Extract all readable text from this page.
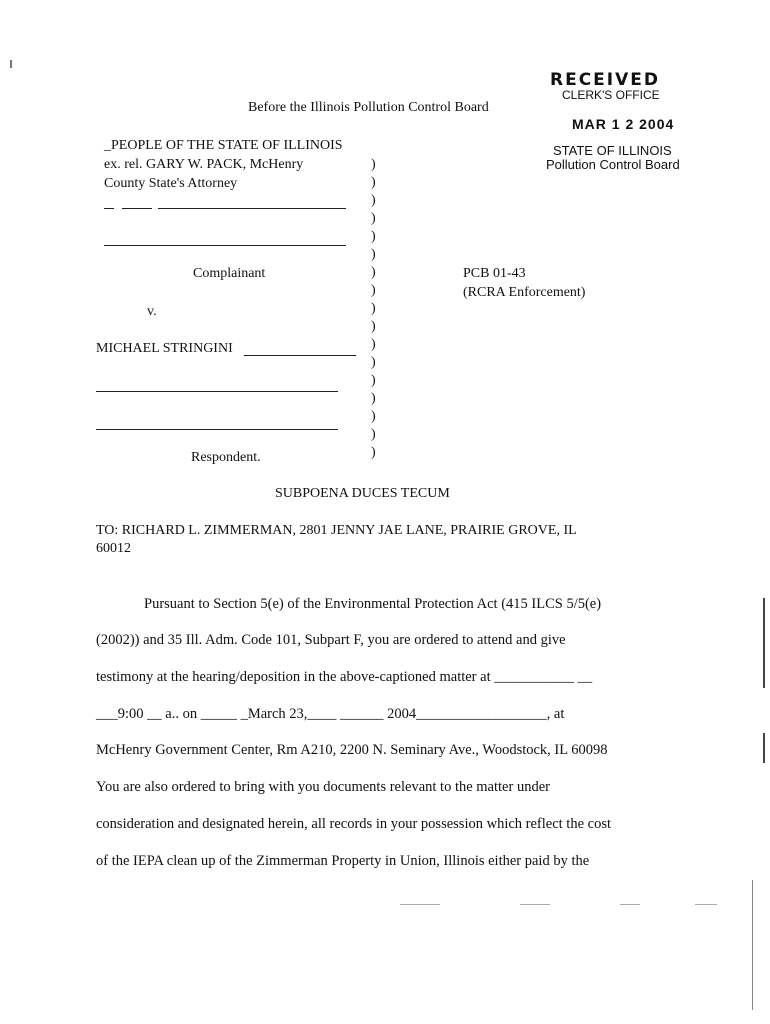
RECEIVED
CLERK'S OFFICE
MAR 1 2 2004
STATE OF ILLINOIS
Pollution Control Board
Before the Illinois Pollution Control Board
_PEOPLE OF THE STATE OF ILLINOIS
ex. rel. GARY W. PACK, McHenry
County State's Attorney
Complainant
v.
MICHAEL STRINGINI
Respondent.
)
)
)
)
)
)
)
)
)
)
)
)
)
)
)
)
)
PCB 01-43
(RCRA Enforcement)
SUBPOENA DUCES TECUM
TO: RICHARD L. ZIMMERMAN, 2801 JENNY JAE LANE, PRAIRIE GROVE, IL
60012
Pursuant to Section 5(e) of the Environmental Protection Act (415 ILCS 5/5(e)
(2002)) and 35 Ill. Adm. Code 101, Subpart F, you are ordered to attend and give
testimony at the hearing/deposition in the above-captioned matter at ___________ __
___9:00 __ a.. on _____ _March 23,____ ______ 2004__________________, at
McHenry Government Center, Rm A210, 2200 N. Seminary Ave., Woodstock, IL 60098
You are also ordered to bring with you documents relevant to the matter under
consideration and designated herein, all records in your possession which reflect the cost
of the IEPA clean up of the Zimmerman Property in Union, Illinois either paid by the
